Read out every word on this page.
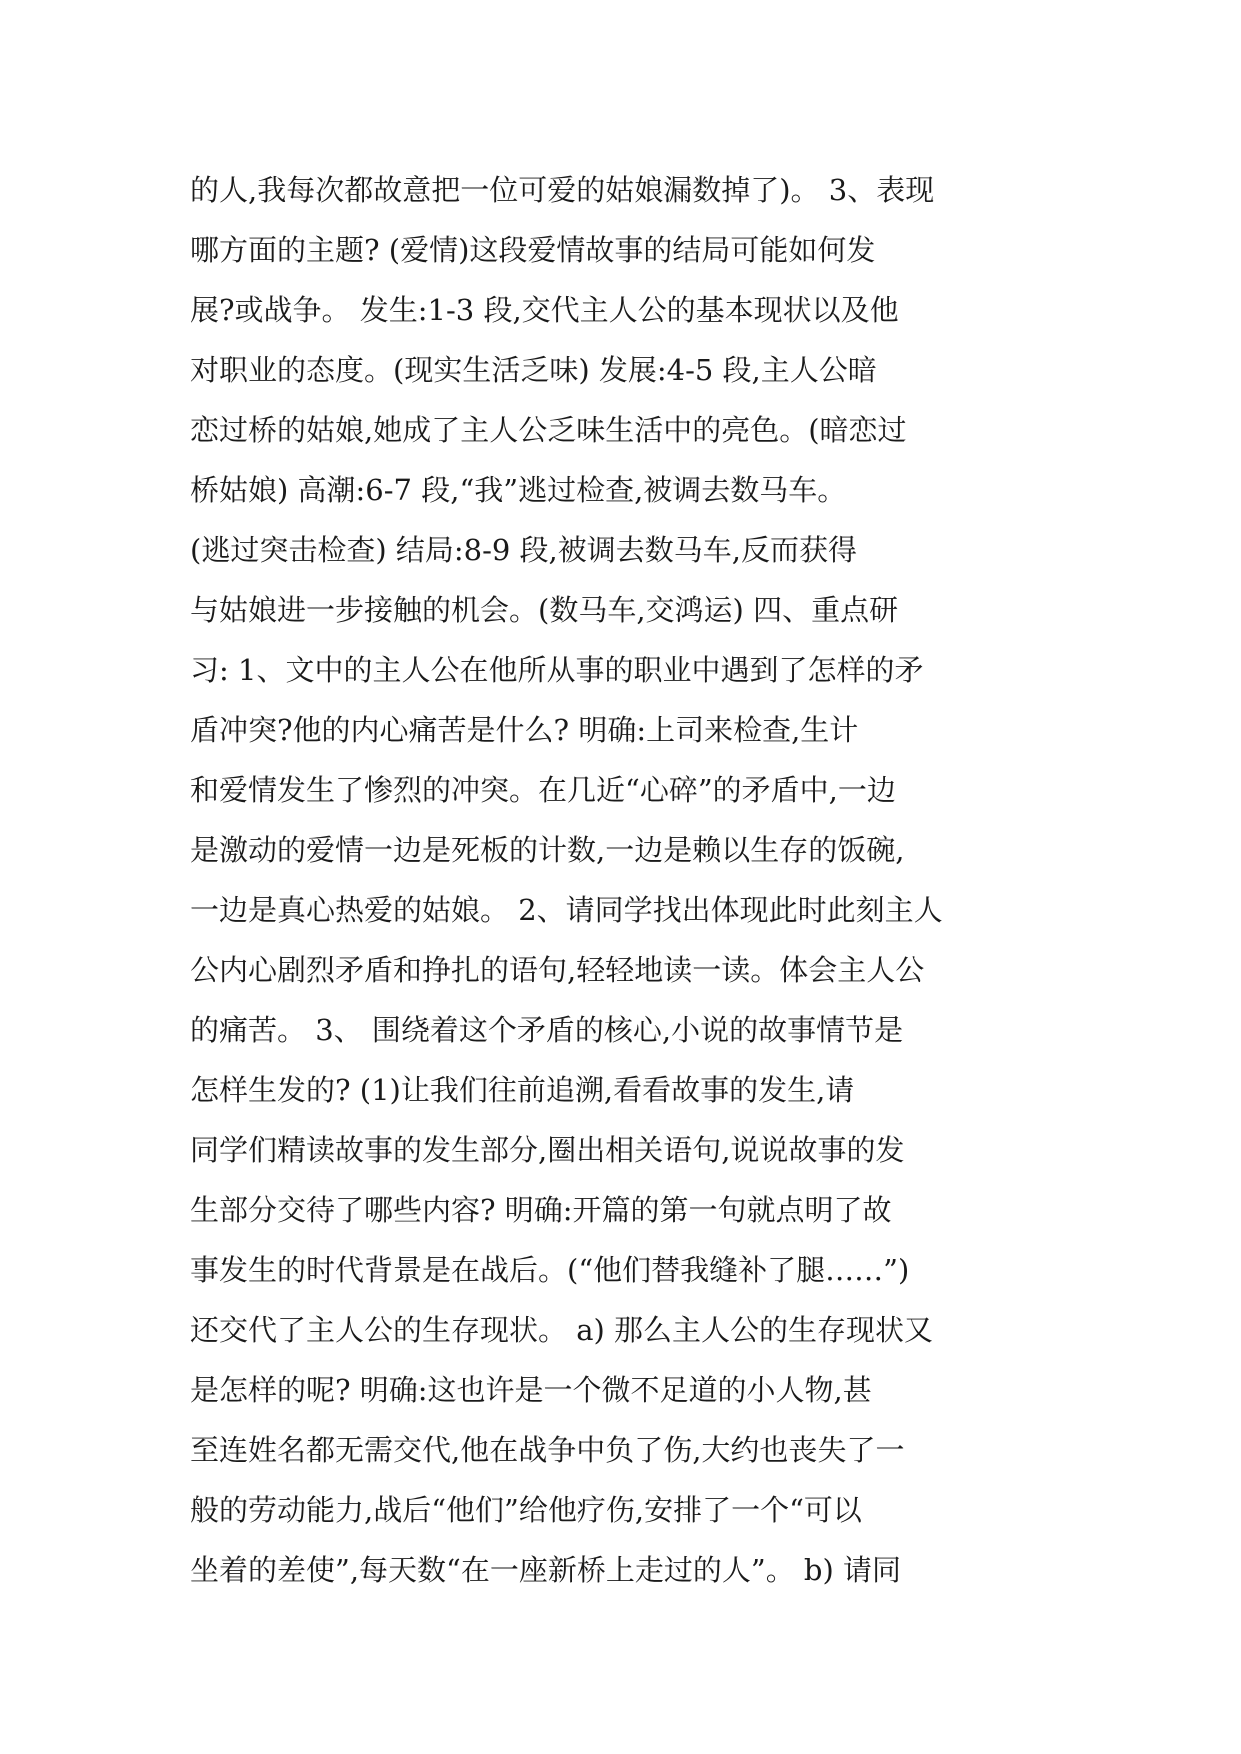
的人,我每次都故意把一位可爱的姑娘漏数掉了)。 3、表现
哪方面的主题? (爱情)这段爱情故事的结局可能如何发
展?或战争。 发生:1-3 段,交代主人公的基本现状以及他
对职业的态度。(现实生活乏味) 发展:4-5 段,主人公暗
恋过桥的姑娘,她成了主人公乏味生活中的亮色。(暗恋过
桥姑娘) 高潮:6-7 段,“我”逃过检查,被调去数马车。
(逃过突击检查) 结局:8-9 段,被调去数马车,反而获得
与姑娘进一步接触的机会。(数马车,交鸿运) 四、重点研
习: 1、文中的主人公在他所从事的职业中遇到了怎样的矛
盾冲突?他的内心痛苦是什么? 明确:上司来检查,生计
和爱情发生了惨烈的冲突。在几近“心碎”的矛盾中,一边
是激动的爱情一边是死板的计数,一边是赖以生存的饭碗,
一边是真心热爱的姑娘。 2、请同学找出体现此时此刻主人
公内心剧烈矛盾和挣扎的语句,轻轻地读一读。体会主人公
的痛苦。 3、 围绕着这个矛盾的核心,小说的故事情节是
怎样生发的? (1)让我们往前追溯,看看故事的发生,请
同学们精读故事的发生部分,圈出相关语句,说说故事的发
生部分交待了哪些内容? 明确:开篇的第一句就点明了故
事发生的时代背景是在战后。(“他们替我缝补了腿……”)
还交代了主人公的生存现状。 a) 那么主人公的生存现状又
是怎样的呢? 明确:这也许是一个微不足道的小人物,甚
至连姓名都无需交代,他在战争中负了伤,大约也丧失了一
般的劳动能力,战后“他们”给他疗伤,安排了一个“可以
坐着的差使”,每天数“在一座新桥上走过的人”。 b) 请同
